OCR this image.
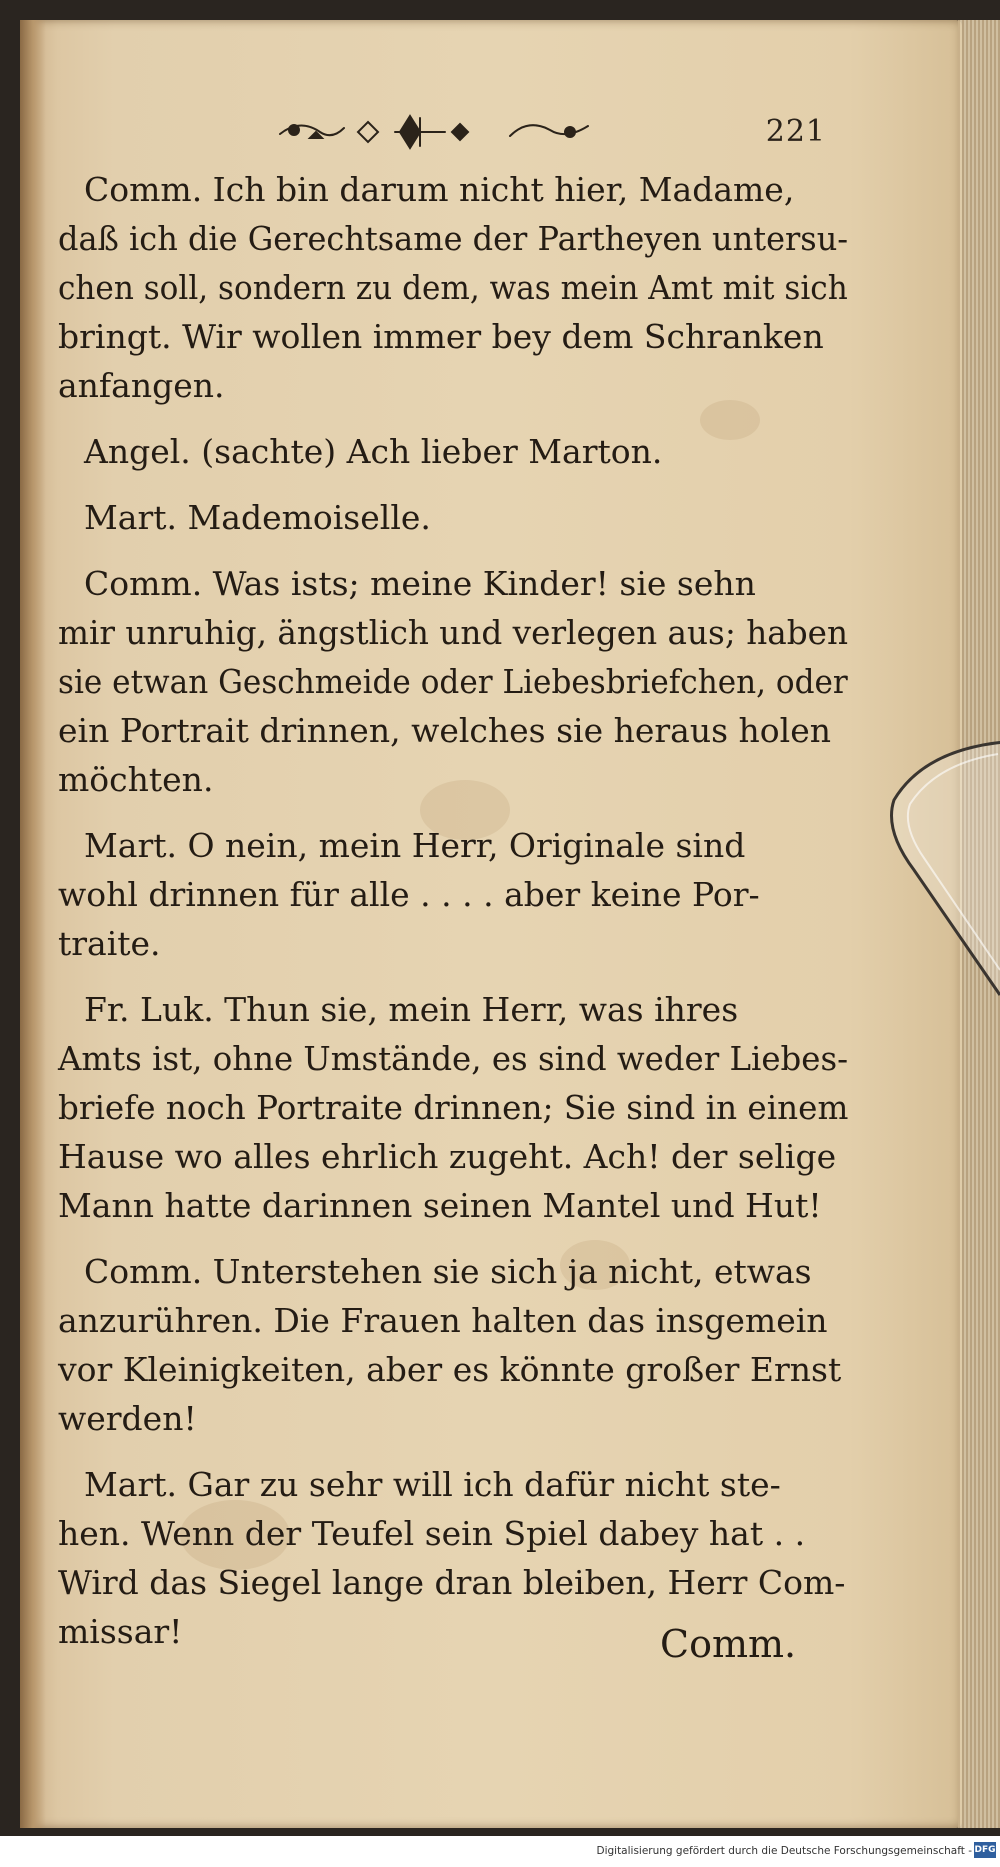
221
Comm. Ich bin darum nicht hier, Madame,
daß ich die Gerechtsame der Partheyen untersu-
chen soll, sondern zu dem, was mein Amt mit sich
bringt. Wir wollen immer bey dem Schranken
anfangen.
Angel. (sachte) Ach lieber Marton.
Mart. Mademoiselle.
Comm. Was ists; meine Kinder! sie sehn
mir unruhig, ängstlich und verlegen aus; haben
sie etwan Geschmeide oder Liebesbriefchen, oder
ein Portrait drinnen, welches sie heraus holen
möchten.
Mart. O nein, mein Herr, Originale sind
wohl drinnen für alle . . . . aber keine Por-
traite.
Fr. Luk. Thun sie, mein Herr, was ihres
Amts ist, ohne Umstände, es sind weder Liebes-
briefe noch Portraite drinnen; Sie sind in einem
Hause wo alles ehrlich zugeht. Ach! der selige
Mann hatte darinnen seinen Mantel und Hut!
Comm. Unterstehen sie sich ja nicht, etwas
anzurühren. Die Frauen halten das insgemein
vor Kleinigkeiten, aber es könnte großer Ernst
werden!
Mart. Gar zu sehr will ich dafür nicht ste-
hen. Wenn der Teufel sein Spiel dabey hat . .
Wird das Siegel lange dran bleiben, Herr Com-
missar!	Comm.
Digitalisierung gefördert durch die Deutsche Forschungsgemeinschaft - DFG
